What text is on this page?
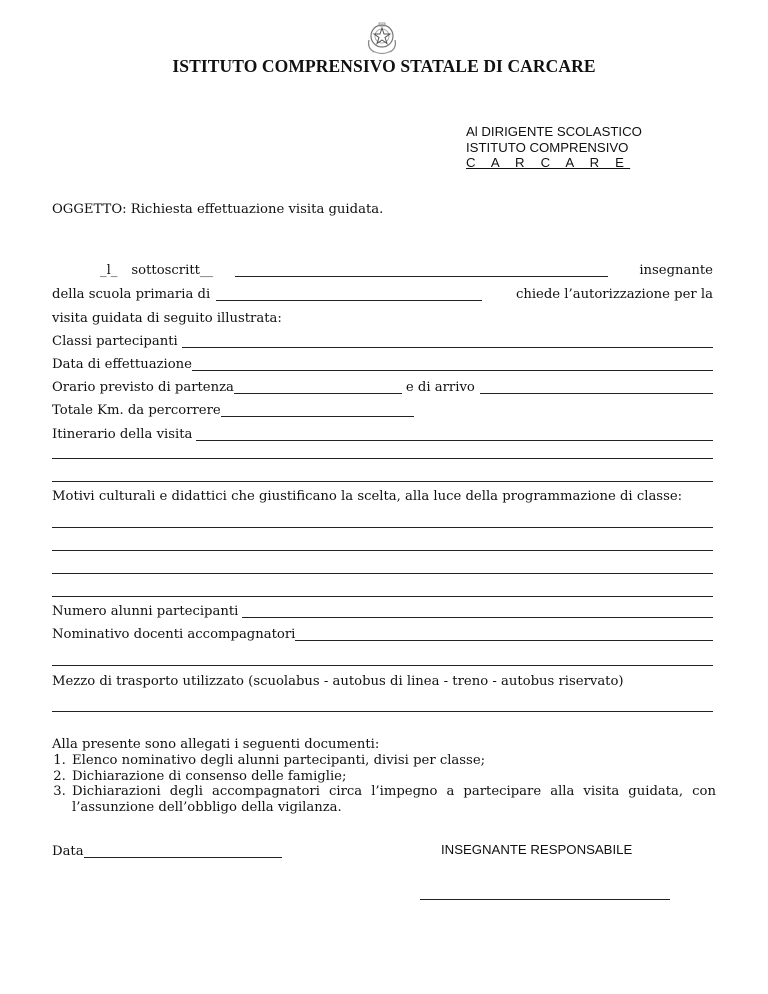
ISTITUTO COMPRENSIVO STATALE DI CARCARE
Al DIRIGENTE SCOLASTICO
ISTITUTO COMPRENSIVO
C A R C A R E
OGGETTO: Richiesta effettuazione visita guidata.
_l_ sottoscritt__	insegnante
della scuola primaria di	chiede l’autorizzazione per la
visita guidata di seguito illustrata:
Classi partecipanti
Data di effettuazione
Orario previsto di partenza	e di arrivo
Totale Km. da percorrere
Itinerario della visita
Motivi culturali e didattici che giustificano la scelta, alla luce della programmazione di classe:
Numero alunni partecipanti
Nominativo docenti accompagnatori
Mezzo di trasporto utilizzato (scuolabus - autobus di linea - treno - autobus riservato)
Alla presente sono allegati i seguenti documenti:
1. Elenco nominativo degli alunni partecipanti, divisi per classe;
2. Dichiarazione di consenso delle famiglie;
3. Dichiarazioni degli accompagnatori circa l’impegno a partecipare alla visita guidata, con l’assunzione dell’obbligo della vigilanza.
Data	INSEGNANTE RESPONSABILE
